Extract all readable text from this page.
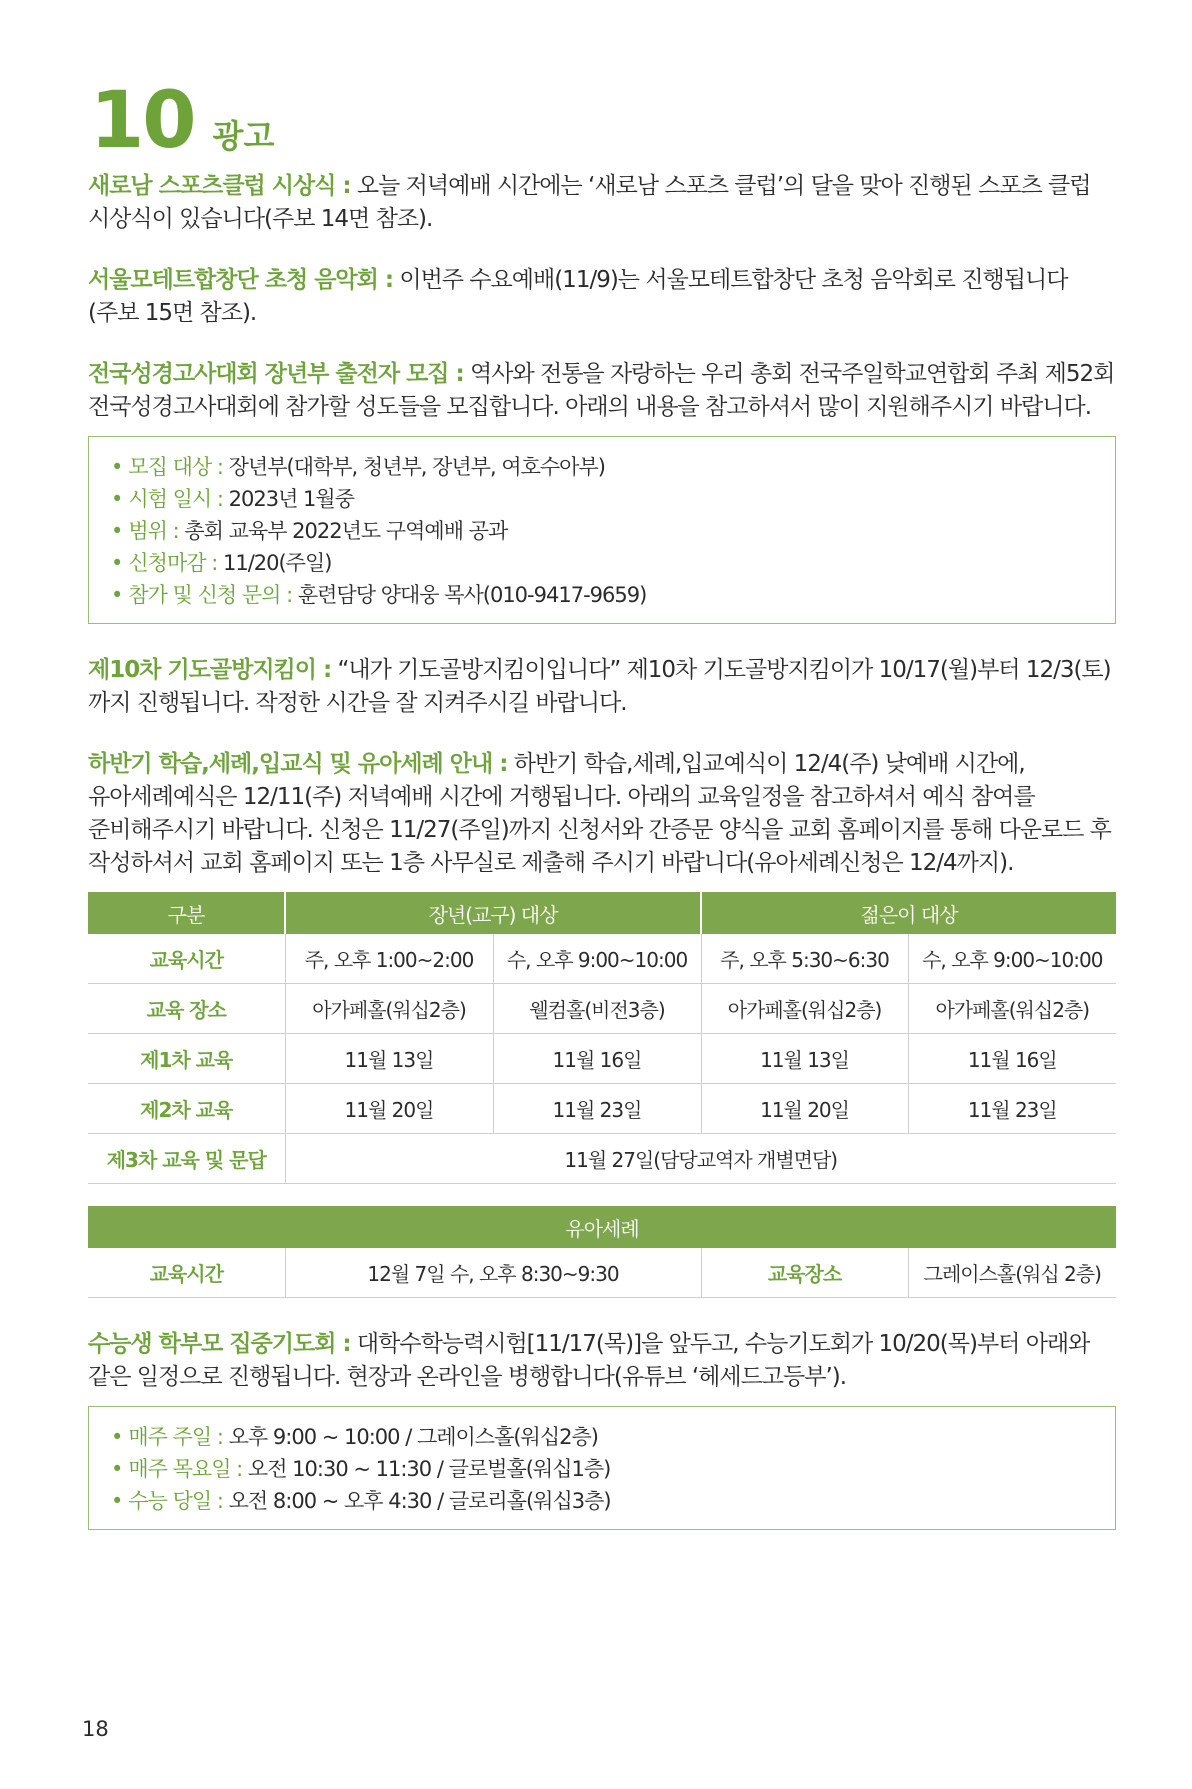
10 광고

새로남 스포츠클럽 시상식 : 오늘 저녁예배 시간에는 ‘새로남 스포츠 클럽’의 달을 맞아 진행된 스포츠 클럽 시상식이 있습니다(주보 14면 참조).

서울모테트합창단 초청 음악회 : 이번주 수요예배(11/9)는 서울모테트합창단 초청 음악회로 진행됩니다(주보 15면 참조).

전국성경고사대회 장년부 출전자 모집 : 역사와 전통을 자랑하는 우리 총회 전국주일학교연합회 주최 제52회 전국성경고사대회에 참가할 성도들을 모집합니다. 아래의 내용을 참고하셔서 많이 지원해주시기 바랍니다.

• 모집 대상 : 장년부(대학부, 청년부, 장년부, 여호수아부)
• 시험 일시 : 2023년 1월중
• 범위 : 총회 교육부 2022년도 구역예배 공과
• 신청마감 : 11/20(주일)
• 참가 및 신청 문의 : 훈련담당 양대웅 목사(010-9417-9659)

제10차 기도골방지킴이 : “내가 기도골방지킴이입니다” 제10차 기도골방지킴이가 10/17(월)부터 12/3(토)까지 진행됩니다. 작정한 시간을 잘 지켜주시길 바랍니다.

하반기 학습,세례,입교식 및 유아세례 안내 : 하반기 학습,세례,입교예식이 12/4(주) 낮예배 시간에, 유아세례예식은 12/11(주) 저녁예배 시간에 거행됩니다. 아래의 교육일정을 참고하셔서 예식 참여를 준비해주시기 바랍니다. 신청은 11/27(주일)까지 신청서와 간증문 양식을 교회 홈페이지를 통해 다운로드 후 작성하셔서 교회 홈페이지 또는 1층 사무실로 제출해 주시기 바랍니다(유아세례신청은 12/4까지).

구분	장년(교구) 대상		젊은이 대상	
교육시간	주, 오후 1:00~2:00	수, 오후 9:00~10:00	주, 오후 5:30~6:30	수, 오후 9:00~10:00
교육 장소	아가페홀(워십2층)	웰컴홀(비전3층)	아가페홀(워십2층)	아가페홀(워십2층)
제1차 교육	11월 13일	11월 16일	11월 13일	11월 16일
제2차 교육	11월 20일	11월 23일	11월 20일	11월 23일
제3차 교육 및 문답	11월 27일(담당교역자 개별면담)			
유아세례
교육시간	12월 7일 수, 오후 8:30~9:30	교육장소	그레이스홀(워십 2층)

수능생 학부모 집중기도회 : 대학수학능력시험[11/17(목)]을 앞두고, 수능기도회가 10/20(목)부터 아래와 같은 일정으로 진행됩니다. 현장과 온라인을 병행합니다(유튜브 ‘헤세드고등부’).

• 매주 주일 : 오후 9:00 ~ 10:00 / 그레이스홀(워십2층)
• 매주 목요일 : 오전 10:30 ~ 11:30 / 글로벌홀(워십1층)
• 수능 당일 : 오전 8:00 ~ 오후 4:30 / 글로리홀(워십3층)
18
